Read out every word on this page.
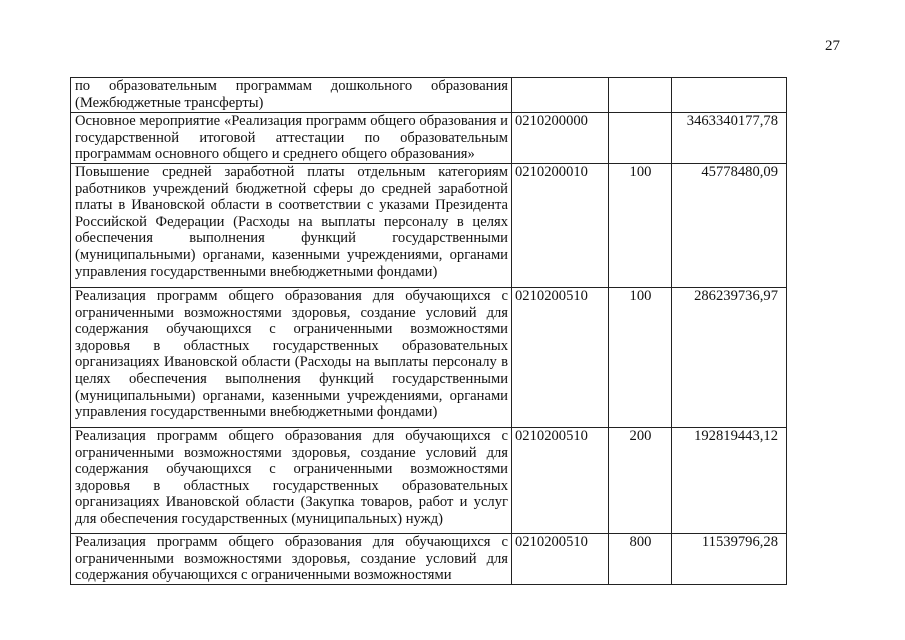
27
по образовательным программам дошкольного образования (Межбюджетные трансферты)			
Основное мероприятие «Реализация программ общего образования и государственной итоговой аттестации по образовательным программам основного общего и среднего общего образования»	0210200000		3463340177,78
Повышение средней заработной платы отдельным категориям работников учреждений бюджетной сферы до средней заработной платы в Ивановской области в соответствии с указами Президента Российской Федерации (Расходы на выплаты персоналу в целях обеспечения выполнения функций государственными (муниципальными) органами, казенными учреждениями, органами управления государственными внебюджетными фондами)	0210200010	100	45778480,09
Реализация программ общего образования для обучающихся с ограниченными возможностями здоровья, создание условий для содержания обучающихся с ограниченными возможностями здоровья в областных государственных образовательных организациях Ивановской области (Расходы на выплаты персоналу в целях обеспечения выполнения функций государственными (муниципальными) органами, казенными учреждениями, органами управления государственными внебюджетными фондами)	0210200510	100	286239736,97
Реализация программ общего образования для обучающихся с ограниченными возможностями здоровья, создание условий для содержания обучающихся с ограниченными возможностями здоровья в областных государственных образовательных организациях Ивановской области (Закупка товаров, работ и услуг для обеспечения государственных (муниципальных) нужд)	0210200510	200	192819443,12
Реализация программ общего образования для обучающихся с ограниченными возможностями здоровья, создание условий для содержания обучающихся с ограниченными возможностями	0210200510	800	11539796,28
